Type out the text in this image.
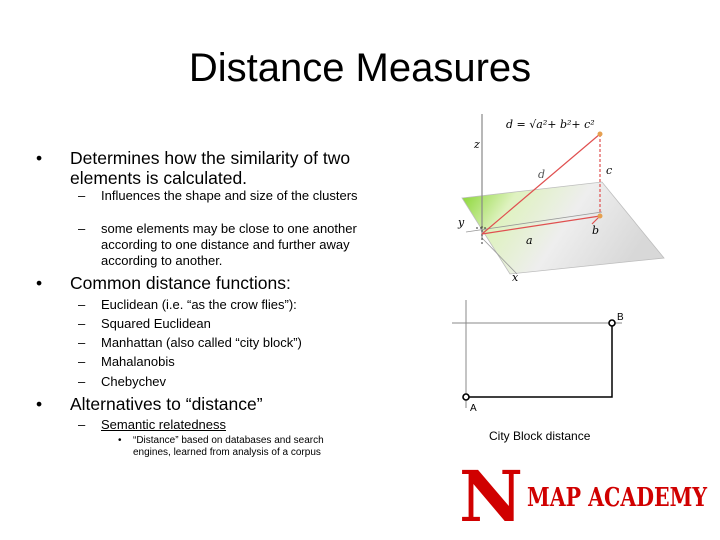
Distance Measures
• Determines how the similarity of two elements is calculated.
– Influences the shape and size of the clusters
– some elements may be close to one another according to one distance and further away according to another.
• Common distance functions:
– Euclidean (i.e. “as the crow flies”):
– Squared Euclidean
– Manhattan (also called “city block”)
– Mahalanobis
– Chebychev
• Alternatives to “distance”
– Semantic relatedness
• “Distance” based on databases and search engines, learned from analysis of a corpus
d = √a²+ b²+ c²
z
y
x
d
a
b
c
A
B
City Block distance
N MAP ACADEMY
